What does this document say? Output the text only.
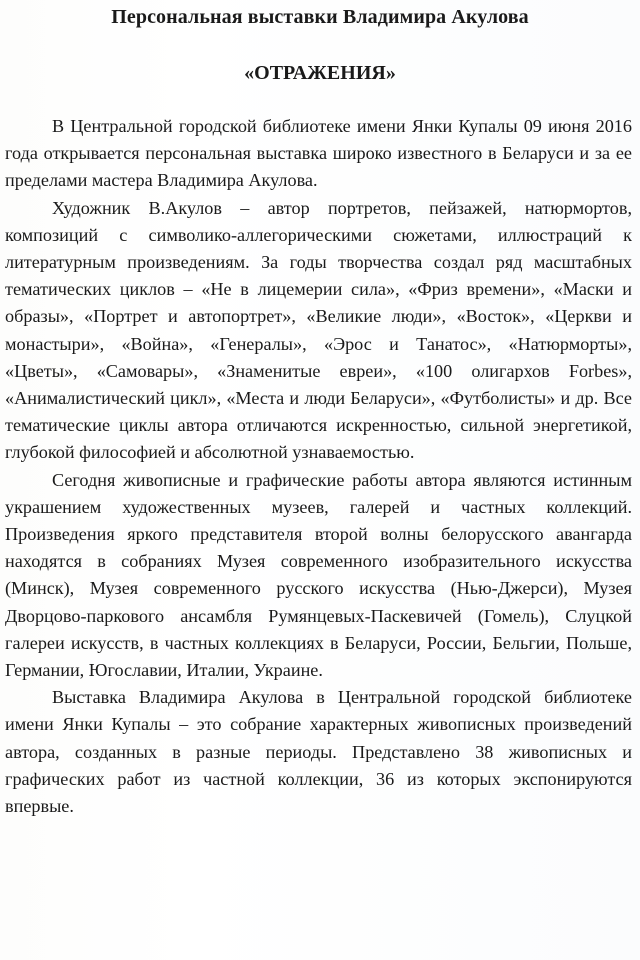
Персональная выставки Владимира Акулова
«ОТРАЖЕНИЯ»

В Центральной городской библиотеке имени Янки Купалы 09 июня 2016 года открывается персональная выставка широко известного в Беларуси и за ее пределами мастера Владимира Акулова.

Художник В.Акулов – автор портретов, пейзажей, натюрмортов, композиций с символико-аллегорическими сюжетами, иллюстраций к литературным произведениям. За годы творчества создал ряд масштабных тематических циклов – «Не в лицемерии сила», «Фриз времени», «Маски и образы», «Портрет и автопортрет», «Великие люди», «Восток», «Церкви и монастыри», «Война», «Генералы», «Эрос и Танатос», «Натюрморты», «Цветы», «Самовары», «Знаменитые евреи», «100 олигархов Forbes», «Анималистический цикл», «Места и люди Беларуси», «Футболисты» и др. Все тематические циклы автора отличаются искренностью, сильной энергетикой, глубокой философией и абсолютной узнаваемостью.

Сегодня живописные и графические работы автора являются истинным украшением художественных музеев, галерей и частных коллекций. Произведения яркого представителя второй волны белорусского авангарда находятся в собраниях Музея современного изобразительного искусства (Минск), Музея современного русского искусства (Нью-Джерси), Музея Дворцово-паркового ансамбля Румянцевых-Паскевичей (Гомель), Слуцкой галереи искусств, в частных коллекциях в Беларуси, России, Бельгии, Польше, Германии, Югославии, Италии, Украине.

Выставка Владимира Акулова в Центральной городской библиотеке имени Янки Купалы – это собрание характерных живописных произведений автора, созданных в разные периоды. Представлено 38 живописных и графических работ из частной коллекции, 36 из которых экспонируются впервые.
